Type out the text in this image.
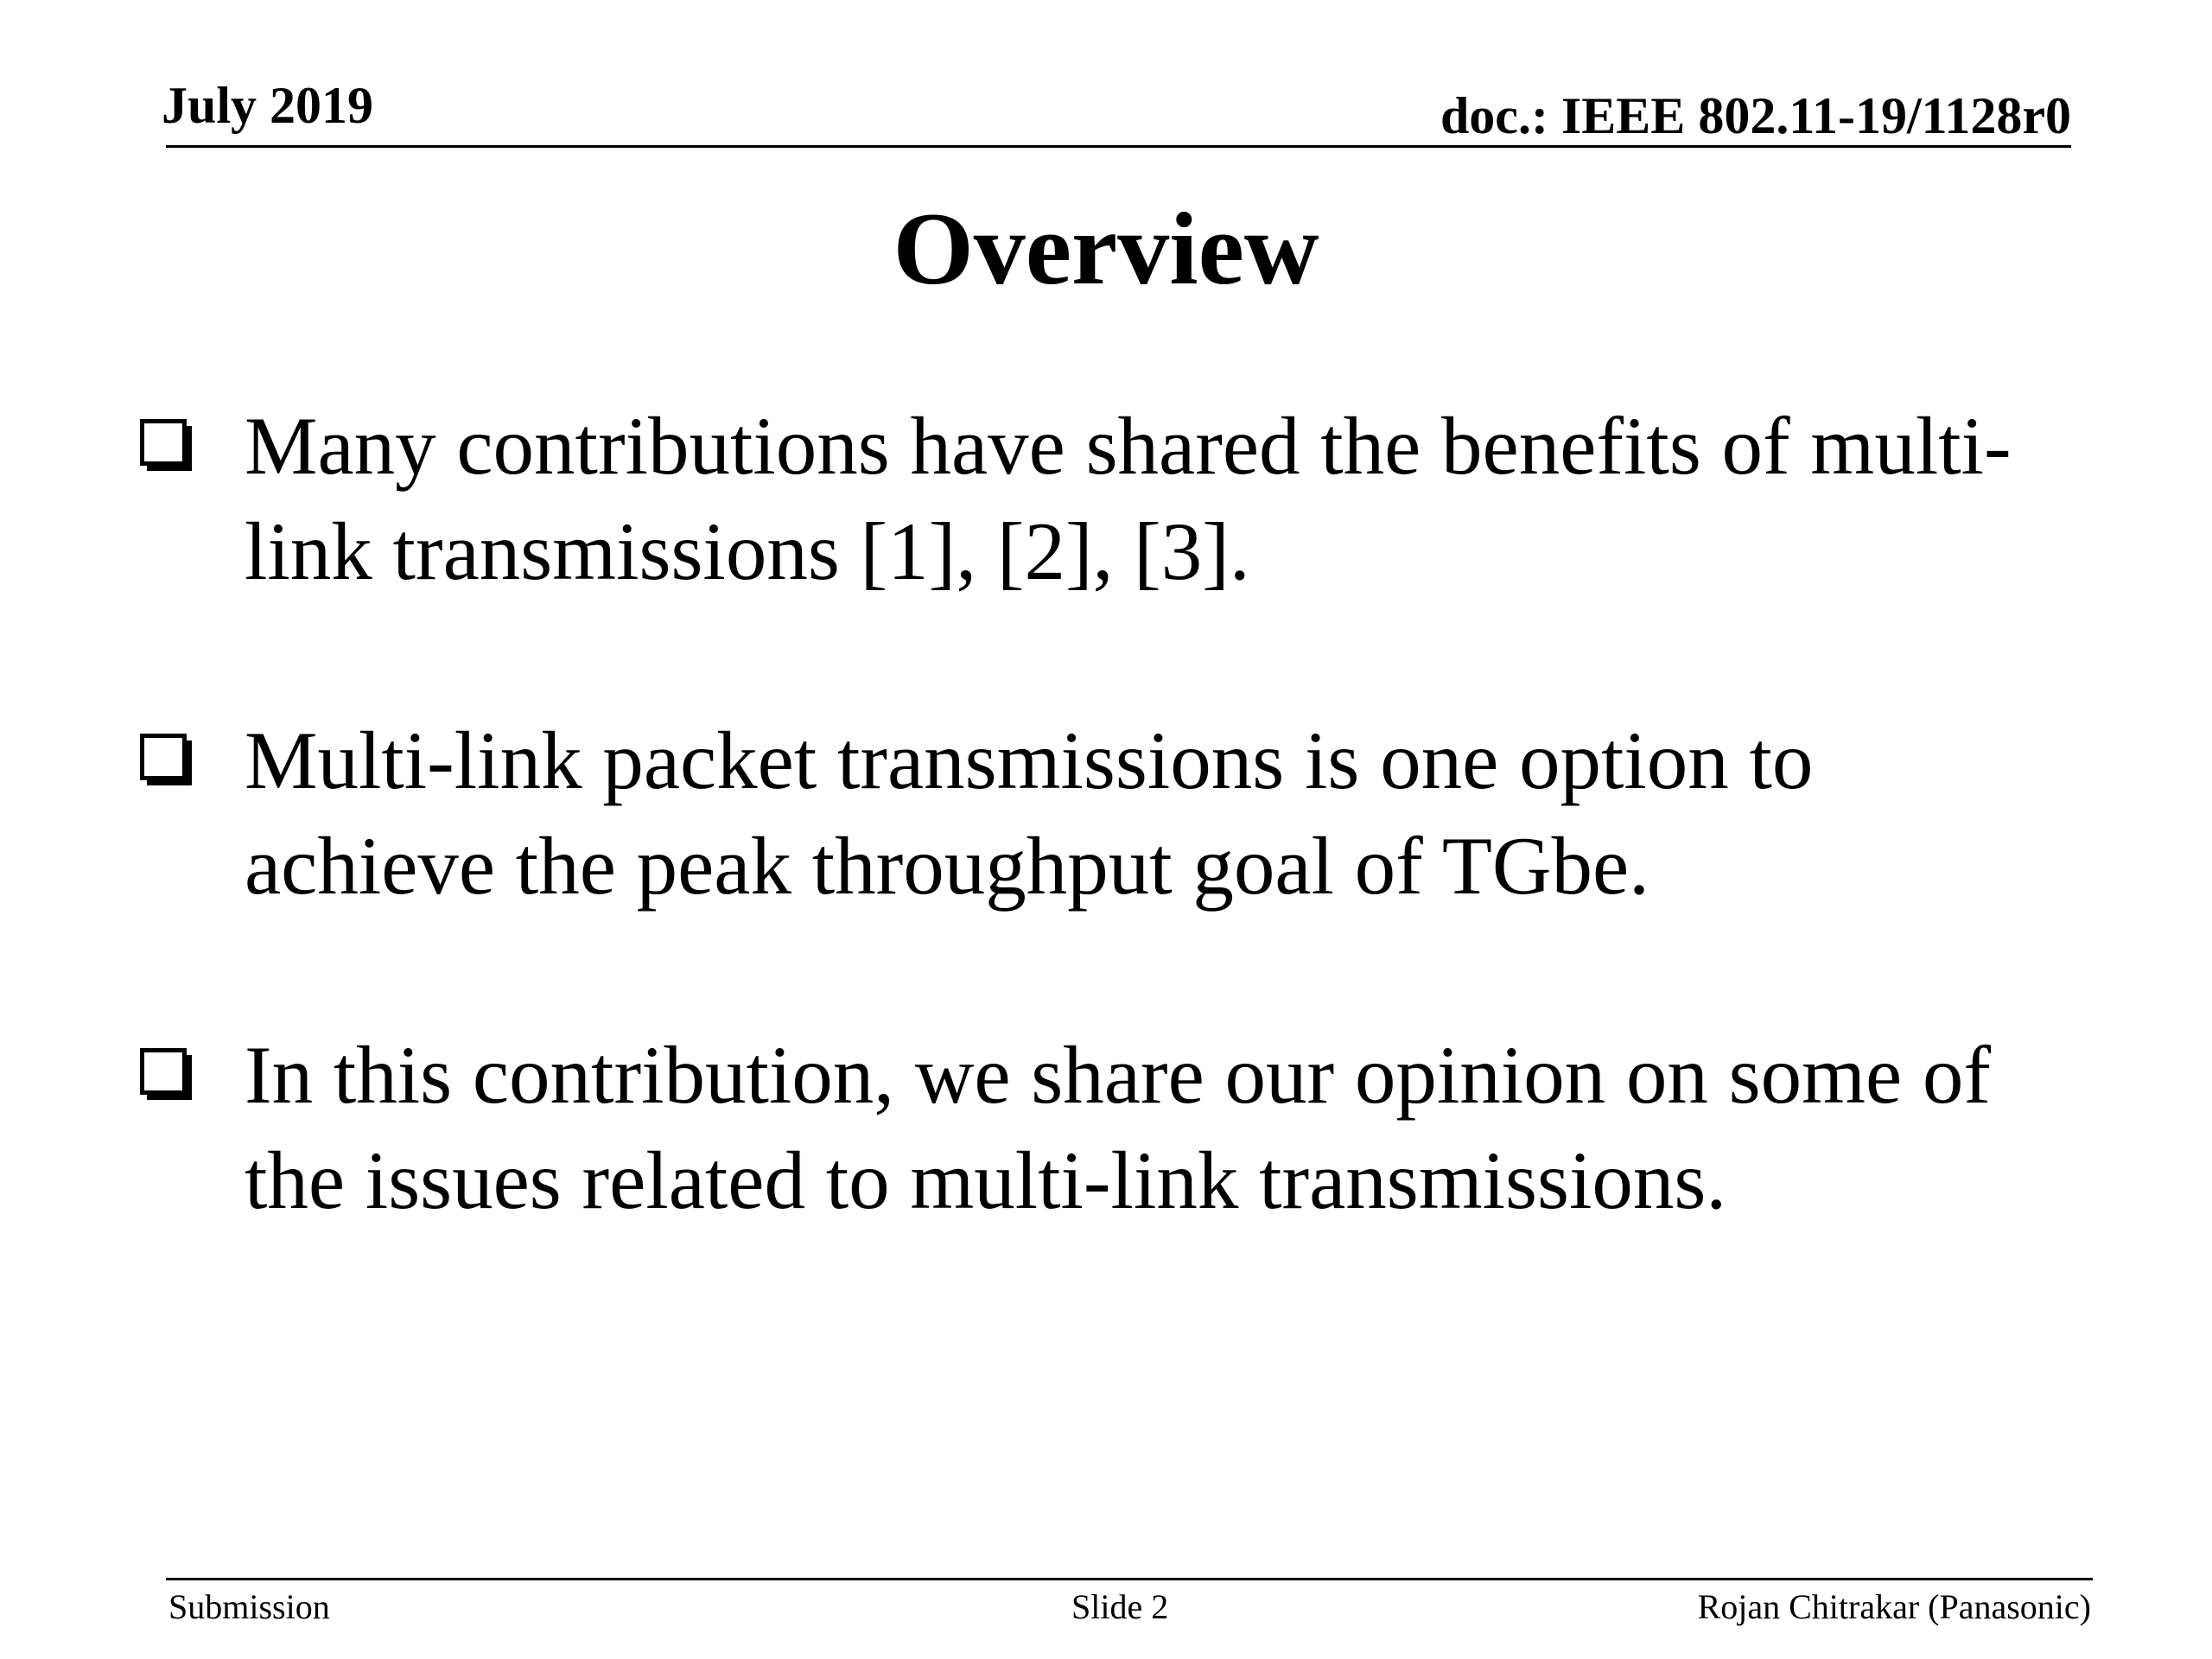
July 2019	doc.: IEEE 802.11-19/1128r0
Overview
Many contributions have shared the benefits of multi-link transmissions [1], [2], [3].
Multi-link packet transmissions is one option to achieve the peak throughput goal of TGbe.
In this contribution, we share our opinion on some of the issues related to multi-link transmissions.
Submission	Slide 2	Rojan Chitrakar (Panasonic)
